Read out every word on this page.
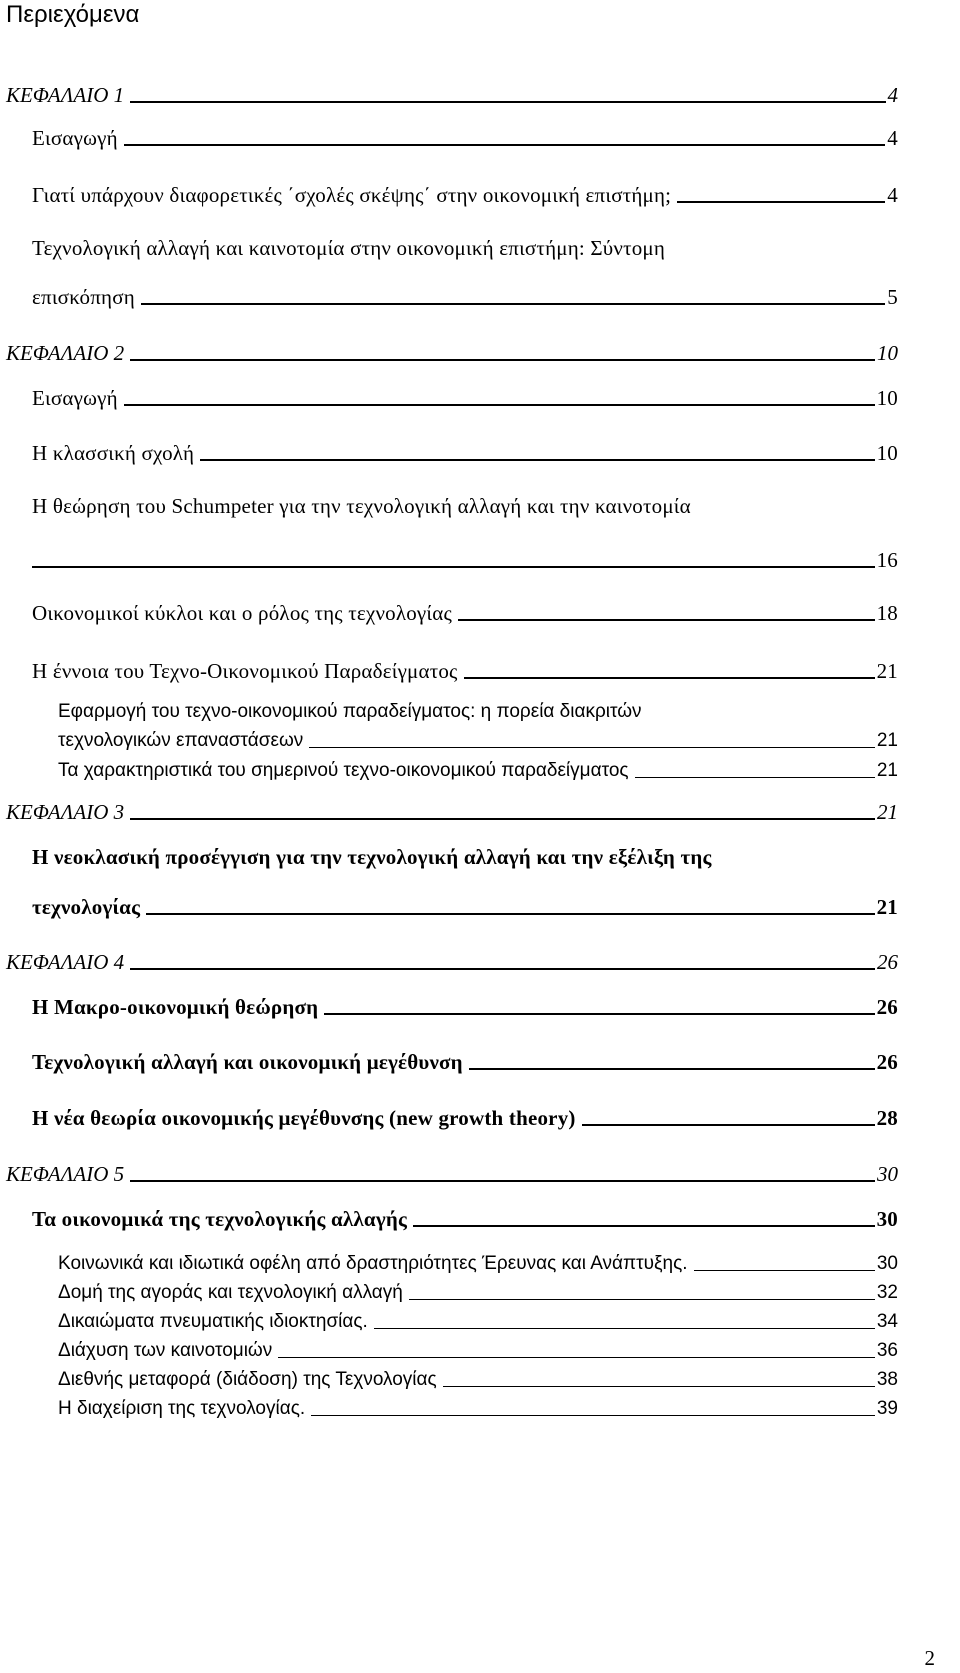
Περιεχόμενα
ΚΕΦΑΛΑΙΟ 1	4
Εισαγωγή	4
Γιατί υπάρχουν διαφορετικές ΄σχολές σκέψης΄ στην οικονομική επιστήμη;	4
Τεχνολογική αλλαγή και καινοτομία στην οικονομική επιστήμη: Σύντομη
επισκόπηση	5
ΚΕΦΑΛΑΙΟ 2	10
Εισαγωγή	10
Η κλασσική σχολή	10
Η θεώρηση του Schumpeter για την τεχνολογική αλλαγή και την καινοτομία
16
Οικονομικοί κύκλοι και ο ρόλος της τεχνολογίας	18
Η έννοια του Τεχνο-Οικονομικού Παραδείγματος	21
Εφαρμογή του τεχνο-οικονομικού παραδείγματος: η πορεία διακριτών
τεχνολογικών επαναστάσεων	21
Τα χαρακτηριστικά του σημερινού τεχνο-οικονομικού παραδείγματος	21
ΚΕΦΑΛΑΙΟ 3	21
Η νεοκλασική προσέγγιση για την τεχνολογική αλλαγή και την εξέλιξη της
τεχνολογίας	21
ΚΕΦΑΛΑΙΟ 4	26
Η Μακρο-οικονομική θεώρηση	26
Τεχνολογική αλλαγή και οικονομική μεγέθυνση	26
Η νέα θεωρία οικονομικής μεγέθυνσης (new growth theory)	28
ΚΕΦΑΛΑΙΟ 5	30
Τα οικονομικά της τεχνολογικής αλλαγής	30
Κοινωνικά και ιδιωτικά οφέλη από δραστηριότητες Έρευνας και Ανάπτυξης.	30
Δομή της αγοράς και τεχνολογική αλλαγή	32
Δικαιώματα πνευματικής ιδιοκτησίας.	34
Διάχυση των καινοτομιών	36
Διεθνής μεταφορά (διάδοση) της Τεχνολογίας	38
Η διαχείριση της τεχνολογίας.	39
2
